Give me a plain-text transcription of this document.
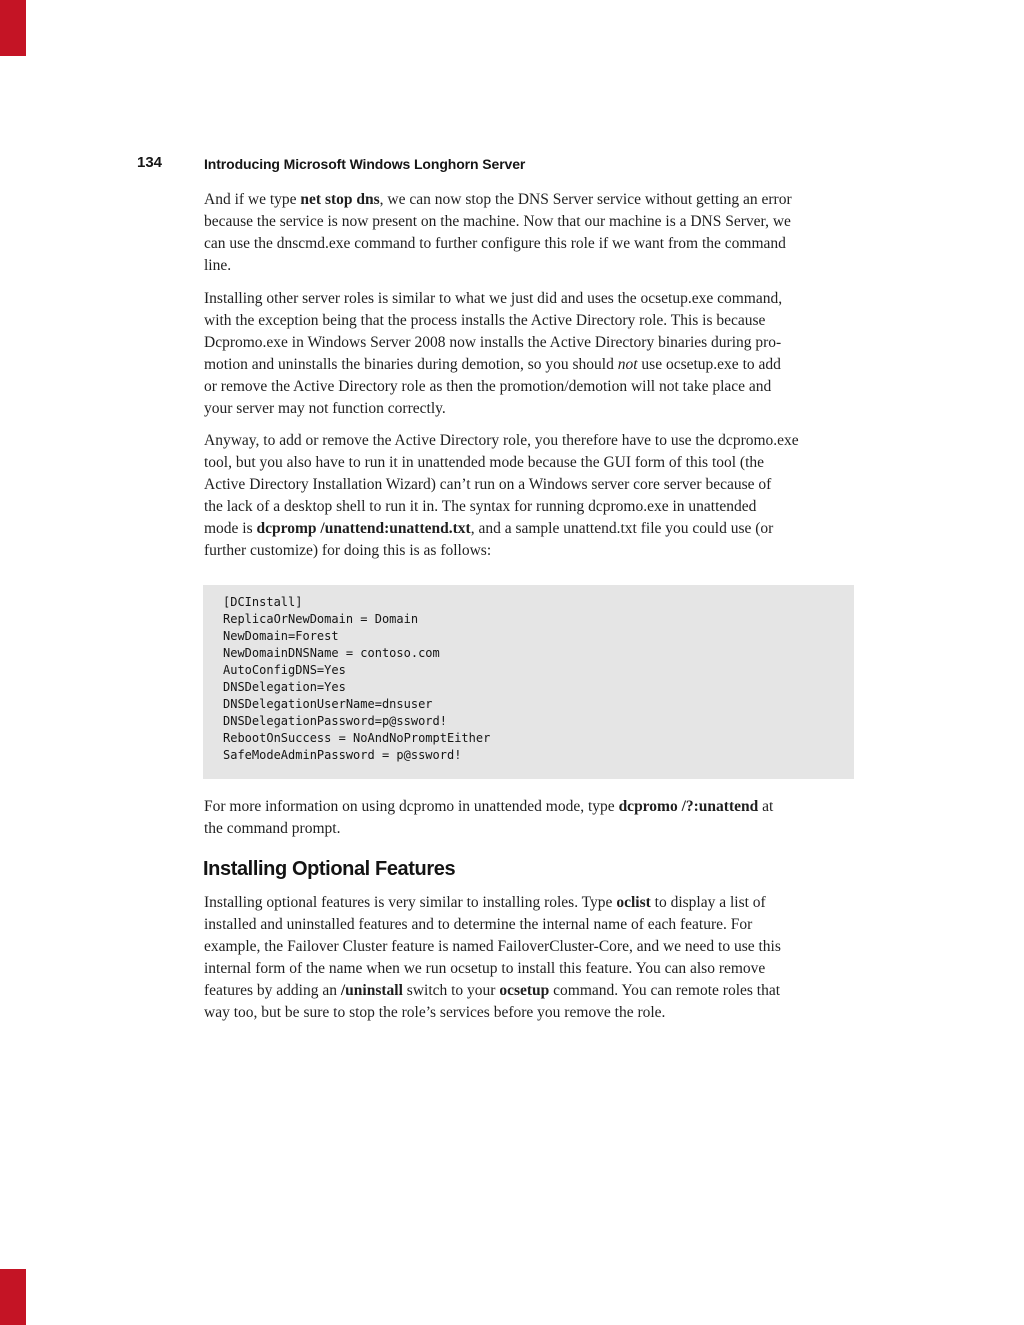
134	Introducing Microsoft Windows Longhorn Server
And if we type net stop dns, we can now stop the DNS Server service without getting an error
because the service is now present on the machine. Now that our machine is a DNS Server, we
can use the dnscmd.exe command to further configure this role if we want from the command
line.
Installing other server roles is similar to what we just did and uses the ocsetup.exe command,
with the exception being that the process installs the Active Directory role. This is because
Dcpromo.exe in Windows Server 2008 now installs the Active Directory binaries during pro-
motion and uninstalls the binaries during demotion, so you should not use ocsetup.exe to add
or remove the Active Directory role as then the promotion/demotion will not take place and
your server may not function correctly.
Anyway, to add or remove the Active Directory role, you therefore have to use the dcpromo.exe
tool, but you also have to run it in unattended mode because the GUI form of this tool (the
Active Directory Installation Wizard) can’t run on a Windows server core server because of
the lack of a desktop shell to run it in. The syntax for running dcpromo.exe in unattended
mode is dcpromp /unattend:unattend.txt, and a sample unattend.txt file you could use (or
further customize) for doing this is as follows:
[DCInstall]
ReplicaOrNewDomain = Domain
NewDomain=Forest
NewDomainDNSName = contoso.com
AutoConfigDNS=Yes
DNSDelegation=Yes
DNSDelegationUserName=dnsuser
DNSDelegationPassword=p@ssword!
RebootOnSuccess = NoAndNoPromptEither
SafeModeAdminPassword = p@ssword!
For more information on using dcpromo in unattended mode, type dcpromo /?:unattend at
the command prompt.
Installing Optional Features
Installing optional features is very similar to installing roles. Type oclist to display a list of
installed and uninstalled features and to determine the internal name of each feature. For
example, the Failover Cluster feature is named FailoverCluster-Core, and we need to use this
internal form of the name when we run ocsetup to install this feature. You can also remove
features by adding an /uninstall switch to your ocsetup command. You can remote roles that
way too, but be sure to stop the role’s services before you remove the role.
